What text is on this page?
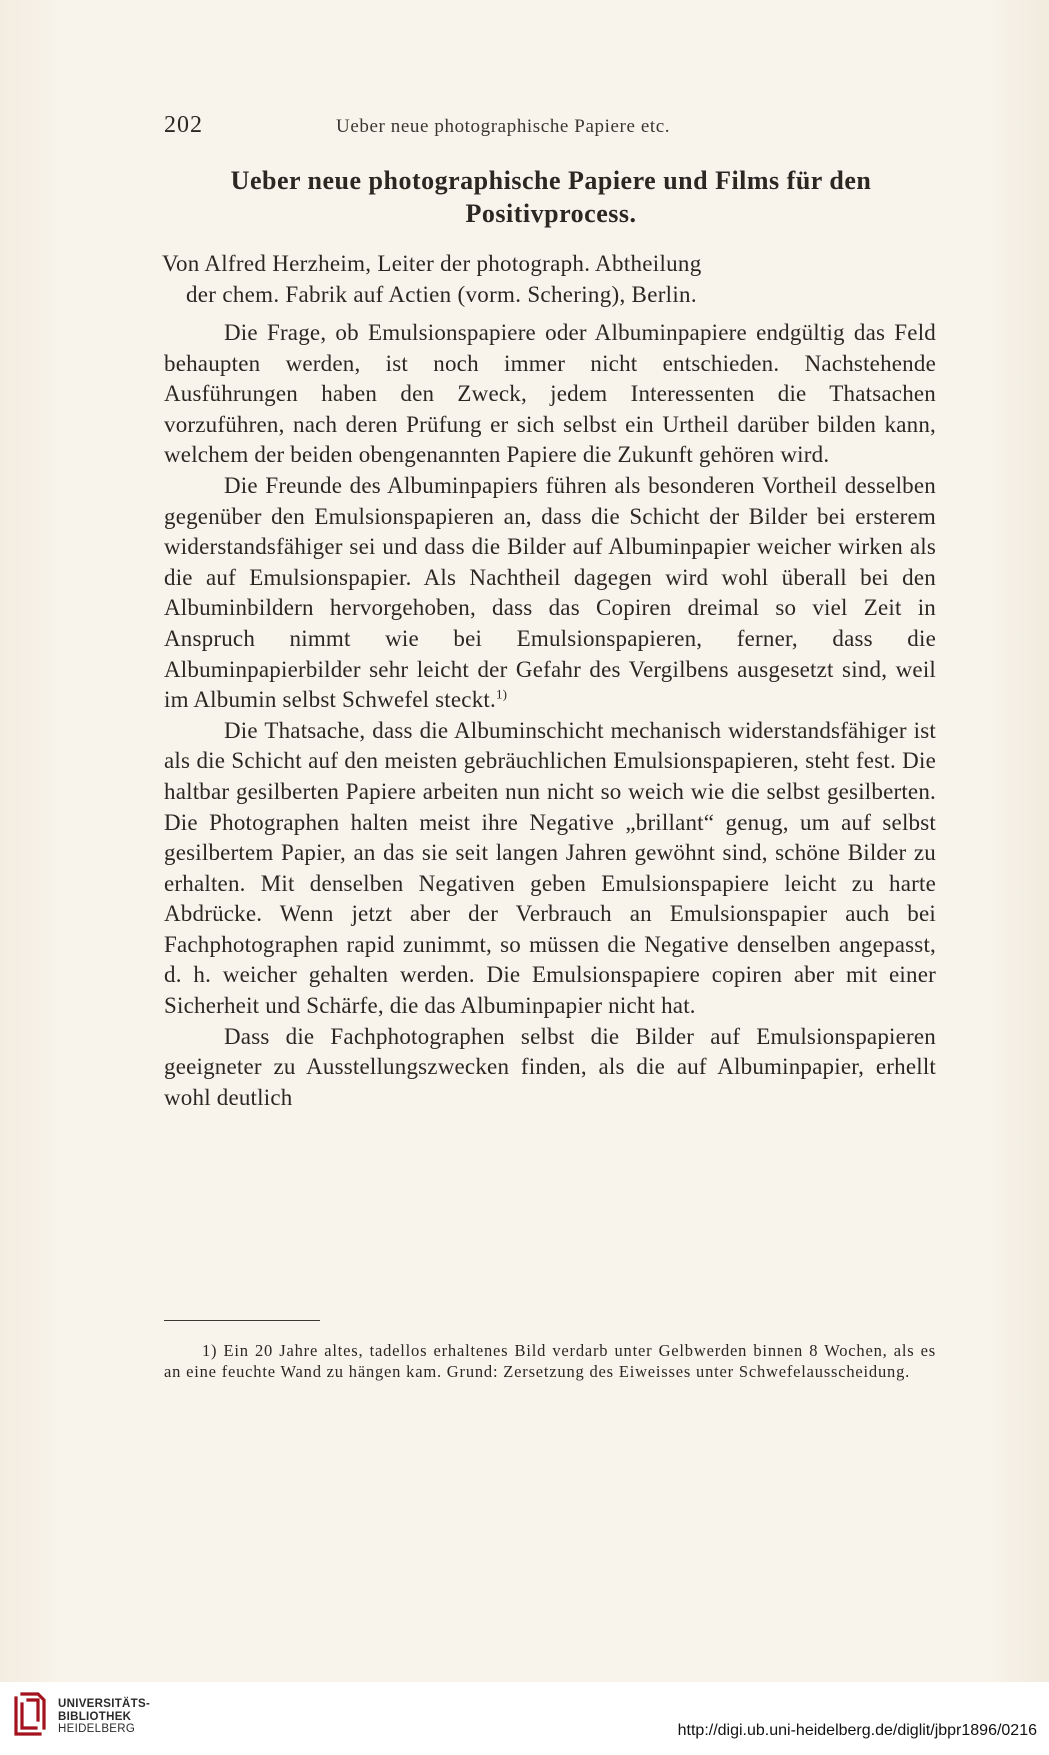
202	Ueber neue photographische Papiere etc.
Ueber neue photographische Papiere und Films für den Positivprocess.
Von Alfred Herzheim, Leiter der photograph. Abtheilung
der chem. Fabrik auf Actien (vorm. Schering), Berlin.

Die Frage, ob Emulsionspapiere oder Albuminpapiere endgültig das Feld behaupten werden, ist noch immer nicht entschieden. Nachstehende Ausführungen haben den Zweck, jedem Interessenten die Thatsachen vorzuführen, nach deren Prüfung er sich selbst ein Urtheil darüber bilden kann, welchem der beiden obengenannten Papiere die Zukunft gehören wird.

Die Freunde des Albuminpapiers führen als besonderen Vortheil desselben gegenüber den Emulsionspapieren an, dass die Schicht der Bilder bei ersterem widerstandsfähiger sei und dass die Bilder auf Albuminpapier weicher wirken als die auf Emulsionspapier. Als Nachtheil dagegen wird wohl überall bei den Albuminbildern hervorgehoben, dass das Copiren dreimal so viel Zeit in Anspruch nimmt wie bei Emulsionspapieren, ferner, dass die Albuminpapierbilder sehr leicht der Gefahr des Vergilbens ausgesetzt sind, weil im Albumin selbst Schwefel steckt.$^{1)}$

Die Thatsache, dass die Albuminschicht mechanisch widerstandsfähiger ist als die Schicht auf den meisten gebräuchlichen Emulsionspapieren, steht fest. Die haltbar gesilberten Papiere arbeiten nun nicht so weich wie die selbst gesilberten. Die Photographen halten meist ihre Negative „brillant“ genug, um auf selbst gesilbertem Papier, an das sie seit langen Jahren gewöhnt sind, schöne Bilder zu erhalten. Mit denselben Negativen geben Emulsionspapiere leicht zu harte Abdrücke. Wenn jetzt aber der Verbrauch an Emulsionspapier auch bei Fachphotographen rapid zunimmt, so müssen die Negative denselben angepasst, d. h. weicher gehalten werden. Die Emulsionspapiere copiren aber mit einer Sicherheit und Schärfe, die das Albuminpapier nicht hat.

Dass die Fachphotographen selbst die Bilder auf Emulsionspapieren geeigneter zu Ausstellungszwecken finden, als die auf Albuminpapier, erhellt wohl deutlich

1) Ein 20 Jahre altes, tadellos erhaltenes Bild verdarb unter Gelbwerden binnen 8 Wochen, als es an eine feuchte Wand zu hängen kam. Grund: Zersetzung des Eiweisses unter Schwefelausscheidung.
UNIVERSITÄTS-
BIBLIOTHEK
HEIDELBERG	http://digi.ub.uni-heidelberg.de/diglit/jbpr1896/0216
